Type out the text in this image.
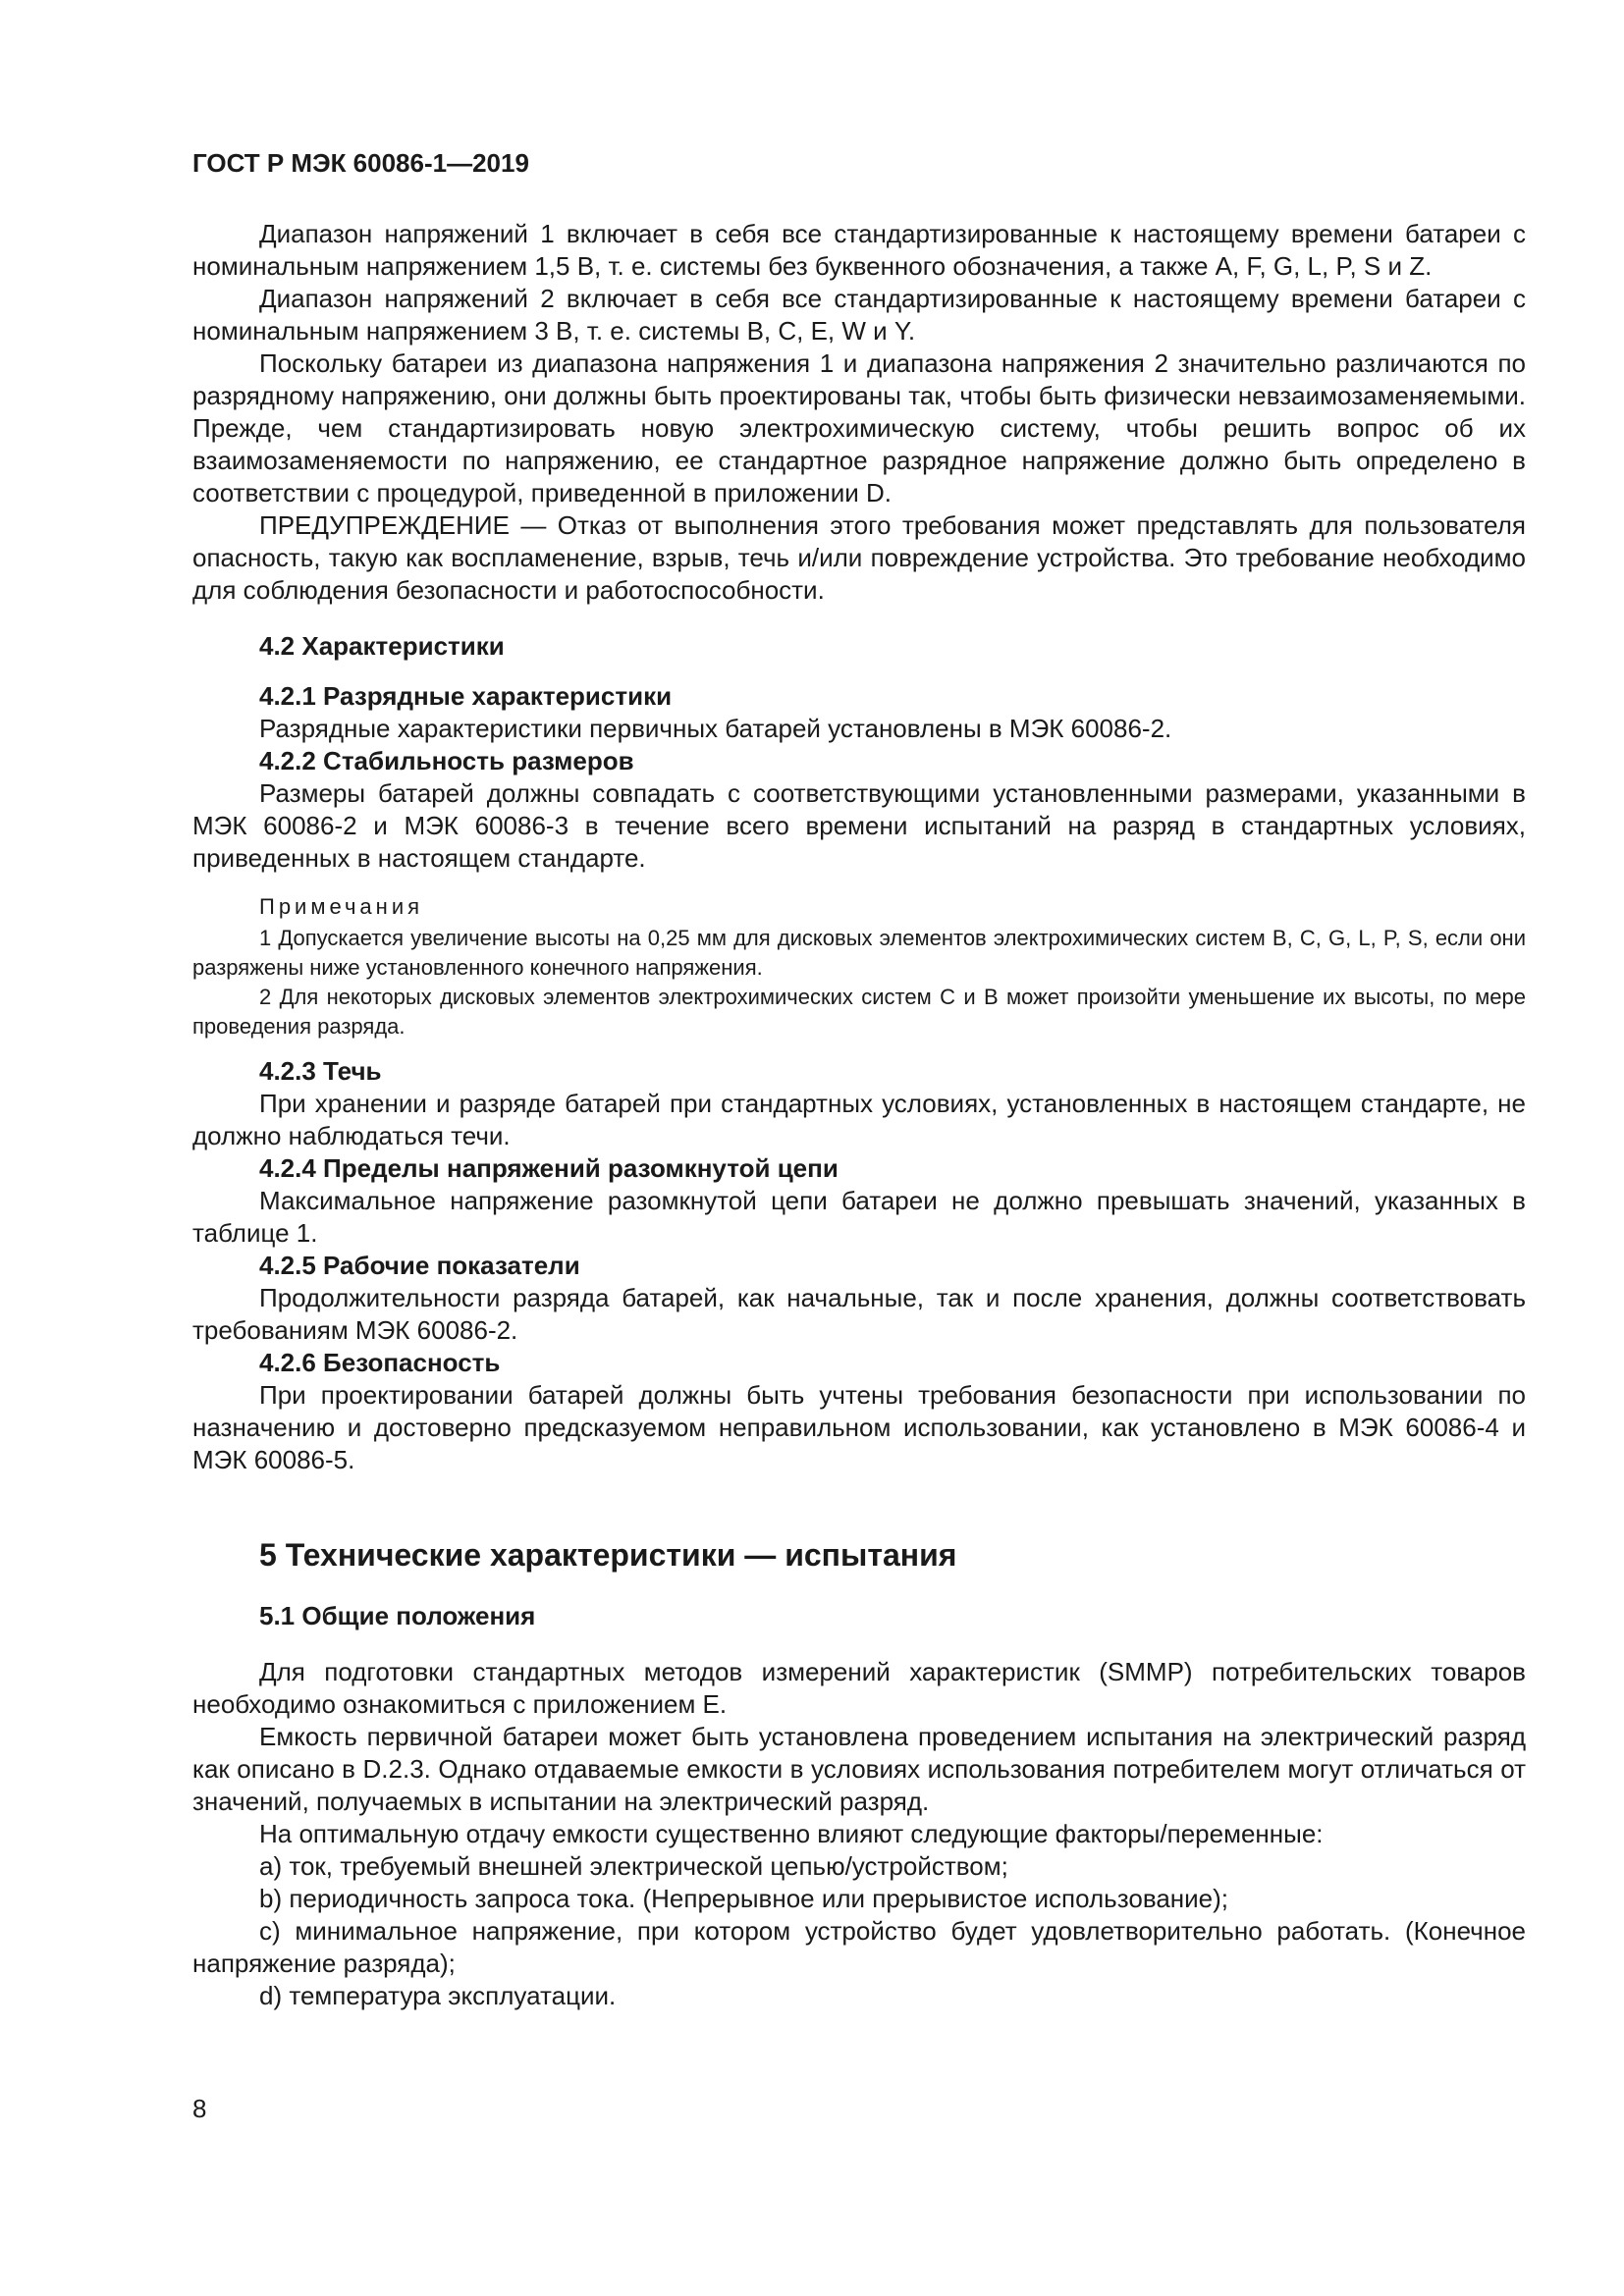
ГОСТ Р МЭК 60086-1—2019

Диапазон напряжений 1 включает в себя все стандартизированные к настоящему времени батареи с номинальным напряжением 1,5 В, т. е. системы без буквенного обозначения, а также A, F, G, L, P, S и Z.

Диапазон напряжений 2 включает в себя все стандартизированные к настоящему времени батареи с номинальным напряжением 3 В, т. е. системы B, C, E, W и Y.

Поскольку батареи из диапазона напряжения 1 и диапазона напряжения 2 значительно различаются по разрядному напряжению, они должны быть проектированы так, чтобы быть физически невзаимозаменяемыми. Прежде, чем стандартизировать новую электрохимическую систему, чтобы решить вопрос об их взаимозаменяемости по напряжению, ее стандартное разрядное напряжение должно быть определено в соответствии с процедурой, приведенной в приложении D.

ПРЕДУПРЕЖДЕНИЕ — Отказ от выполнения этого требования может представлять для пользователя опасность, такую как воспламенение, взрыв, течь и/или повреждение устройства. Это требование необходимо для соблюдения безопасности и работоспособности.

4.2 Характеристики
4.2.1 Разрядные характеристики

Разрядные характеристики первичных батарей установлены в МЭК 60086-2.

4.2.2 Стабильность размеров

Размеры батарей должны совпадать с соответствующими установленными размерами, указанными в МЭК 60086-2 и МЭК 60086-3 в течение всего времени испытаний на разряд в стандартных условиях, приведенных в настоящем стандарте.

Примечания

1 Допускается увеличение высоты на 0,25 мм для дисковых элементов электрохимических систем B, C, G, L, P, S, если они разряжены ниже установленного конечного напряжения.

2 Для некоторых дисковых элементов электрохимических систем C и B может произойти уменьшение их высоты, по мере проведения разряда.

4.2.3 Течь

При хранении и разряде батарей при стандартных условиях, установленных в настоящем стандарте, не должно наблюдаться течи.

4.2.4 Пределы напряжений разомкнутой цепи

Максимальное напряжение разомкнутой цепи батареи не должно превышать значений, указанных в таблице 1.

4.2.5 Рабочие показатели

Продолжительности разряда батарей, как начальные, так и после хранения, должны соответствовать требованиям МЭК 60086-2.

4.2.6 Безопасность

При проектировании батарей должны быть учтены требования безопасности при использовании по назначению и достоверно предсказуемом неправильном использовании, как установлено в МЭК 60086-4 и МЭК 60086-5.

5 Технические характеристики — испытания
5.1 Общие положения

Для подготовки стандартных методов измерений характеристик (SMMP) потребительских товаров необходимо ознакомиться с приложением E.

Емкость первичной батареи может быть установлена проведением испытания на электрический разряд как описано в D.2.3. Однако отдаваемые емкости в условиях использования потребителем могут отличаться от значений, получаемых в испытании на электрический разряд.

На оптимальную отдачу емкости существенно влияют следующие факторы/переменные:

a) ток, требуемый внешней электрической цепью/устройством;

b) периодичность запроса тока. (Непрерывное или прерывистое использование);

c) минимальное напряжение, при котором устройство будет удовлетворительно работать. (Конечное напряжение разряда);

d) температура эксплуатации.

8
